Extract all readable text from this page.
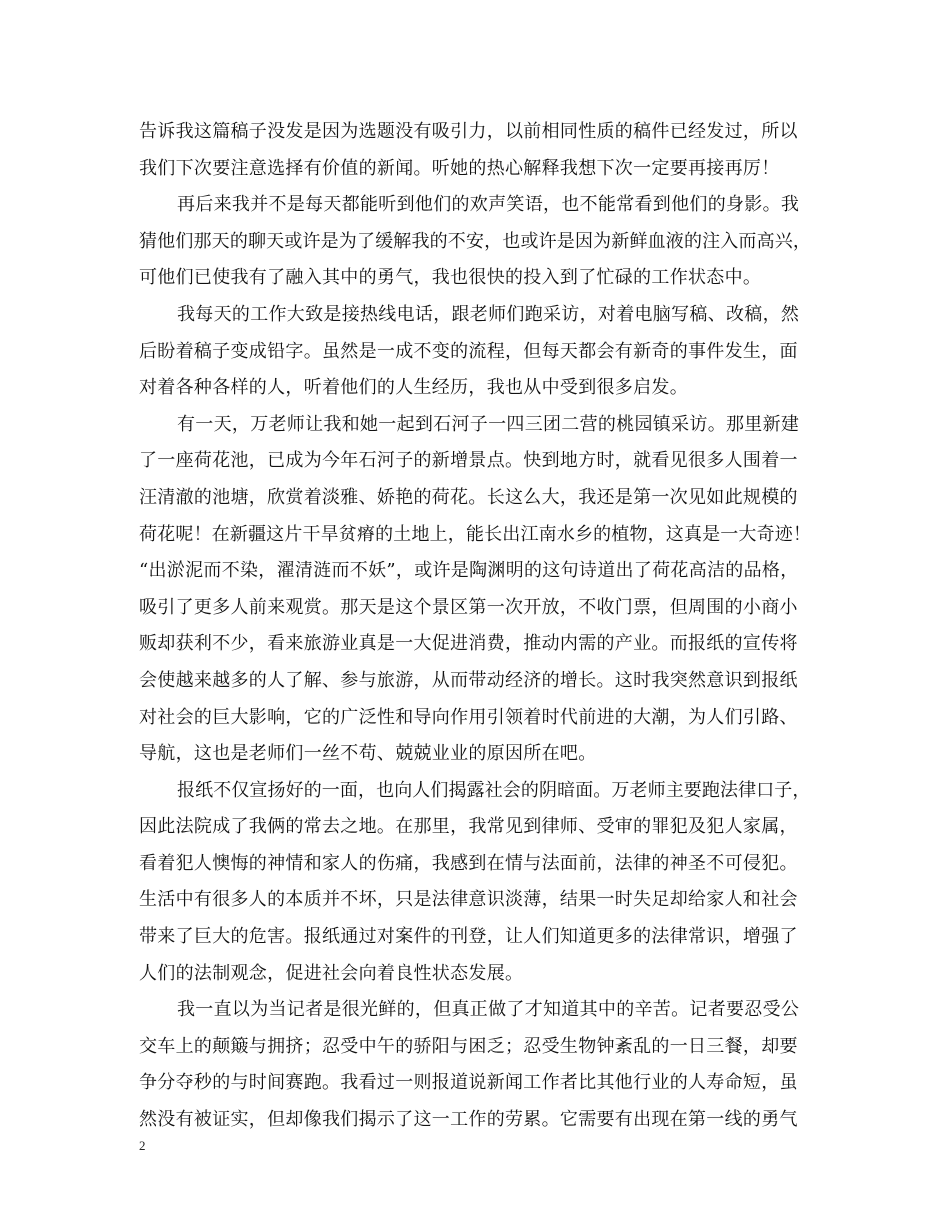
告诉我这篇稿子没发是因为选题没有吸引力，以前相同性质的稿件已经发过，所以
我们下次要注意选择有价值的新闻。听她的热心解释我想下次一定要再接再厉！
再后来我并不是每天都能听到他们的欢声笑语，也不能常看到他们的身影。我
猜他们那天的聊天或许是为了缓解我的不安，也或许是因为新鲜血液的注入而高兴，
可他们已使我有了融入其中的勇气，我也很快的投入到了忙碌的工作状态中。
我每天的工作大致是接热线电话，跟老师们跑采访，对着电脑写稿、改稿，然
后盼着稿子变成铅字。虽然是一成不变的流程，但每天都会有新奇的事件发生，面
对着各种各样的人，听着他们的人生经历，我也从中受到很多启发。
有一天，万老师让我和她一起到石河子一四三团二营的桃园镇采访。那里新建
了一座荷花池，已成为今年石河子的新增景点。快到地方时，就看见很多人围着一
汪清澈的池塘，欣赏着淡雅、娇艳的荷花。长这么大，我还是第一次见如此规模的
荷花呢！在新疆这片干旱贫瘠的土地上，能长出江南水乡的植物，这真是一大奇迹！
“出淤泥而不染，濯清涟而不妖”，或许是陶渊明的这句诗道出了荷花高洁的品格，
吸引了更多人前来观赏。那天是这个景区第一次开放，不收门票，但周围的小商小
贩却获利不少，看来旅游业真是一大促进消费，推动内需的产业。而报纸的宣传将
会使越来越多的人了解、参与旅游，从而带动经济的增长。这时我突然意识到报纸
对社会的巨大影响，它的广泛性和导向作用引领着时代前进的大潮，为人们引路、
导航，这也是老师们一丝不苟、兢兢业业的原因所在吧。
报纸不仅宣扬好的一面，也向人们揭露社会的阴暗面。万老师主要跑法律口子，
因此法院成了我俩的常去之地。在那里，我常见到律师、受审的罪犯及犯人家属，
看着犯人懊悔的神情和家人的伤痛，我感到在情与法面前，法律的神圣不可侵犯。
生活中有很多人的本质并不坏，只是法律意识淡薄，结果一时失足却给家人和社会
带来了巨大的危害。报纸通过对案件的刊登，让人们知道更多的法律常识，增强了
人们的法制观念，促进社会向着良性状态发展。
我一直以为当记者是很光鲜的，但真正做了才知道其中的辛苦。记者要忍受公
交车上的颠簸与拥挤；忍受中午的骄阳与困乏；忍受生物钟紊乱的一日三餐，却要
争分夺秒的与时间赛跑。我看过一则报道说新闻工作者比其他行业的人寿命短，虽
然没有被证实，但却像我们揭示了这一工作的劳累。它需要有出现在第一线的勇气
2
